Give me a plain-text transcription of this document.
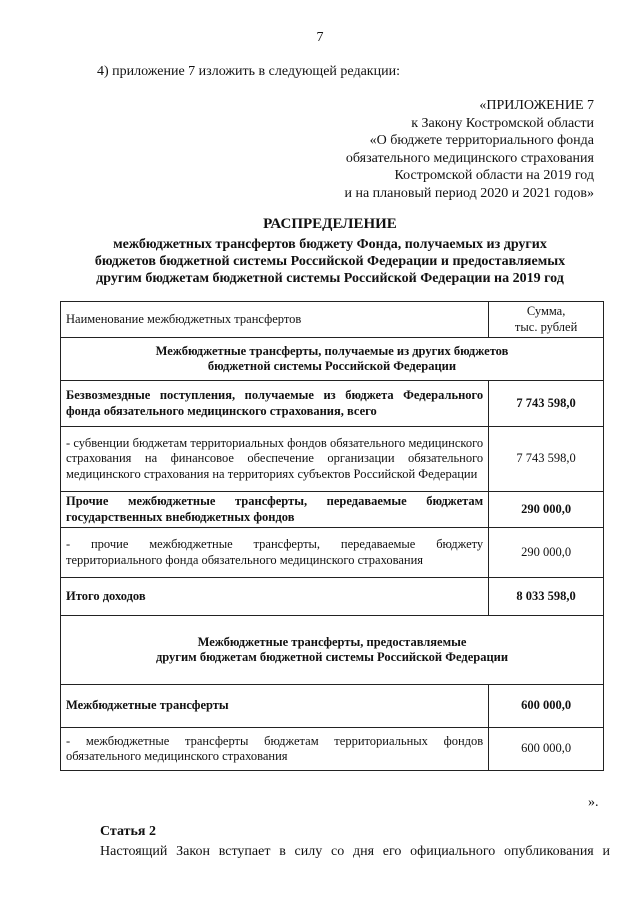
7
4) приложение 7 изложить в следующей редакции:
«ПРИЛОЖЕНИЕ 7
к Закону Костромской области
«О бюджете территориального фонда
обязательного медицинского страхования
Костромской области на 2019 год
и на плановый период 2020 и 2021 годов»
РАСПРЕДЕЛЕНИЕ
межбюджетных трансфертов бюджету Фонда, получаемых из других
бюджетов бюджетной системы Российской Федерации и предоставляемых
другим бюджетам бюджетной системы Российской Федерации на 2019 год
Наименование межбюджетных трансфертов	Сумма,
тыс. рублей

Межбюджетные трансферты, получаемые из других бюджетов
бюджетной системы Российской Федерации	

Безвозмездные поступления, получаемые из бюджета Федерального фонда обязательного медицинского страхования, всего	7 743 598,0
- субвенции бюджетам территориальных фондов обязательного медицинского страхования на финансовое обеспечение организации обязательного медицинского страхования на территориях субъектов Российской Федерации	7 743 598,0
Прочие межбюджетные трансферты, передаваемые бюджетам государственных внебюджетных фондов	290 000,0
- прочие межбюджетные трансферты, передаваемые бюджету территориального фонда обязательного медицинского страхования	290 000,0
Итого доходов	8 033 598,0

Межбюджетные трансферты, предоставляемые
другим бюджетам бюджетной системы Российской Федерации	

Межбюджетные трансферты	600 000,0
- межбюджетные трансферты бюджетам территориальных фондов обязательного медицинского страхования	600 000,0
».
Статья 2
Настоящий Закон вступает в силу со дня его официального опубликования и
